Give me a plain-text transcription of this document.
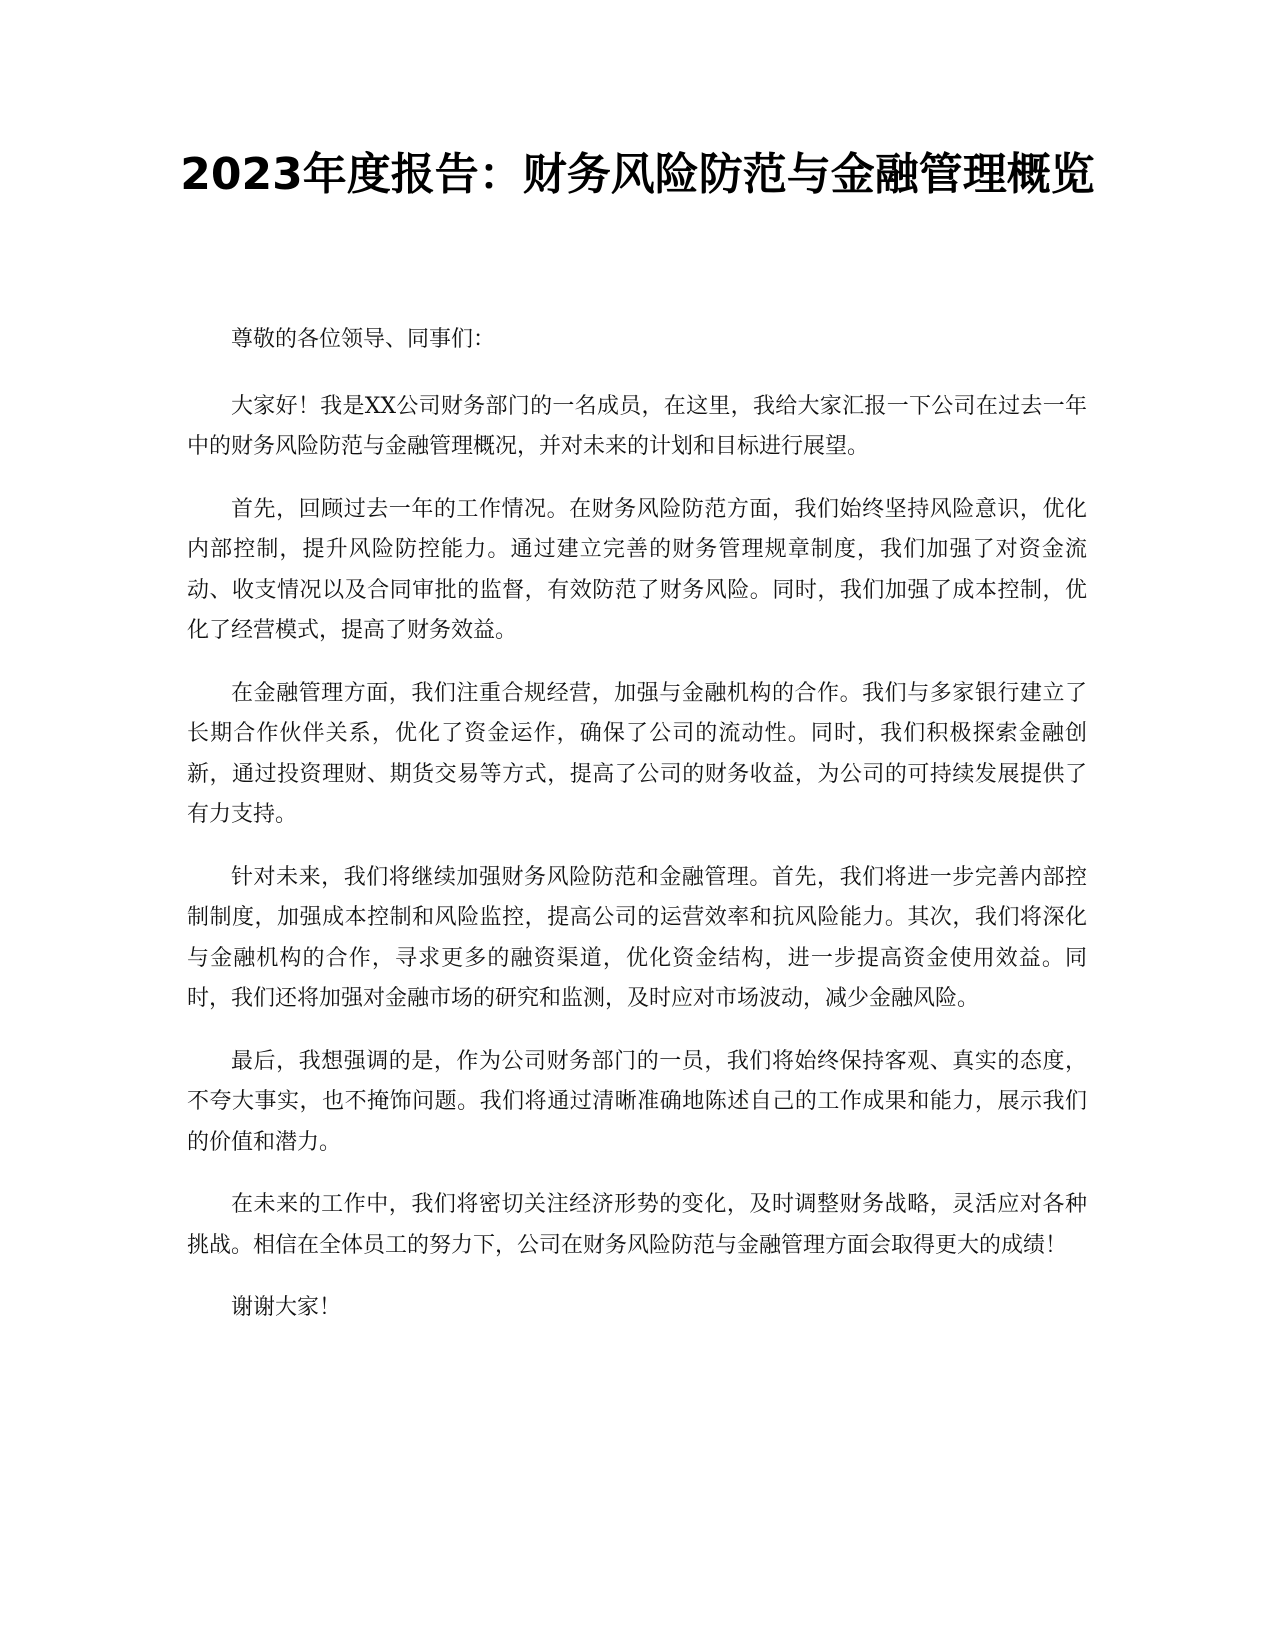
2023年度报告：财务风险防范与金融管理概览

尊敬的各位领导、同事们：

大家好！我是XX公司财务部门的一名成员，在这里，我给大家汇报一下公司在过去一年中的财务风险防范与金融管理概况，并对未来的计划和目标进行展望。

首先，回顾过去一年的工作情况。在财务风险防范方面，我们始终坚持风险意识，优化内部控制，提升风险防控能力。通过建立完善的财务管理规章制度，我们加强了对资金流动、收支情况以及合同审批的监督，有效防范了财务风险。同时，我们加强了成本控制，优化了经营模式，提高了财务效益。

在金融管理方面，我们注重合规经营，加强与金融机构的合作。我们与多家银行建立了长期合作伙伴关系，优化了资金运作，确保了公司的流动性。同时，我们积极探索金融创新，通过投资理财、期货交易等方式，提高了公司的财务收益，为公司的可持续发展提供了有力支持。

针对未来，我们将继续加强财务风险防范和金融管理。首先，我们将进一步完善内部控制制度，加强成本控制和风险监控，提高公司的运营效率和抗风险能力。其次，我们将深化与金融机构的合作，寻求更多的融资渠道，优化资金结构，进一步提高资金使用效益。同时，我们还将加强对金融市场的研究和监测，及时应对市场波动，减少金融风险。

最后，我想强调的是，作为公司财务部门的一员，我们将始终保持客观、真实的态度，不夸大事实，也不掩饰问题。我们将通过清晰准确地陈述自己的工作成果和能力，展示我们的价值和潜力。

在未来的工作中，我们将密切关注经济形势的变化，及时调整财务战略，灵活应对各种挑战。相信在全体员工的努力下，公司在财务风险防范与金融管理方面会取得更大的成绩！

谢谢大家！
